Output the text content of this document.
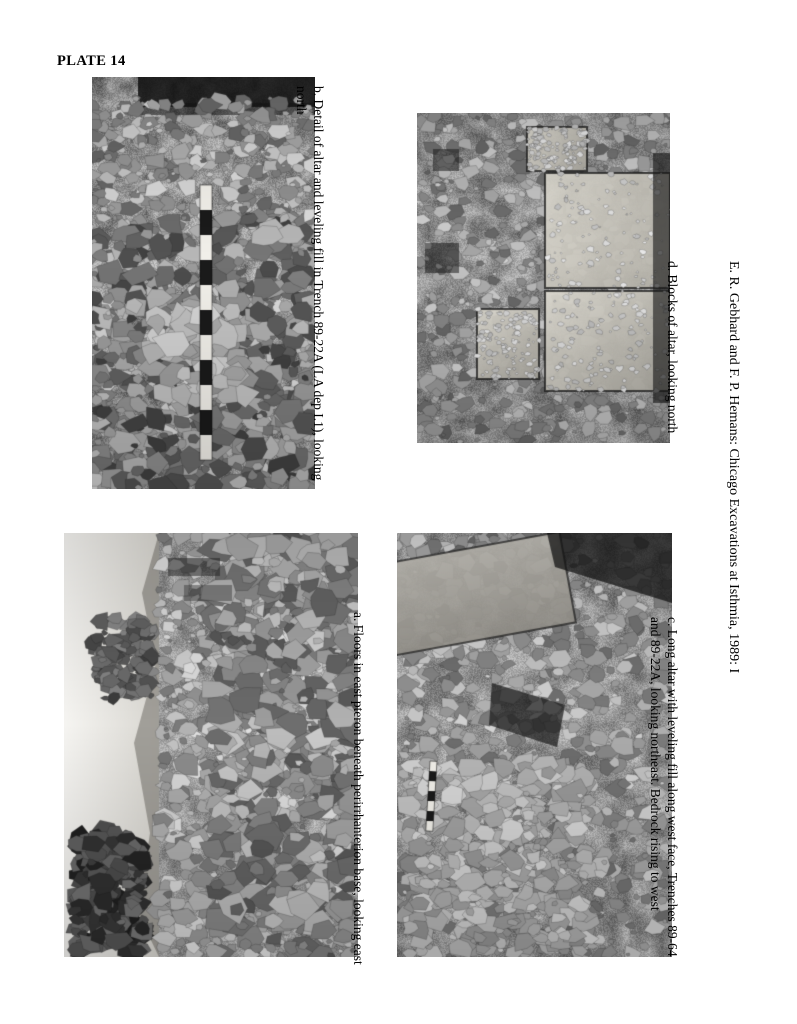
PLATE 14
b. Detail of altar and leveling fill in Trench 89-22A (LA dep I.1), looking north
d. Blocks of altar, looking north
a. Floors in east pteron beneath perirrhanterion base, looking east	c. Long altar with leveling fill along west face, Trenches 89-64 and 89-22A, looking northeast. Bedrock rising to west
E. R. Gebhard and F. P. Hemans: Chicago Excavations at Isthmia, 1989: I
